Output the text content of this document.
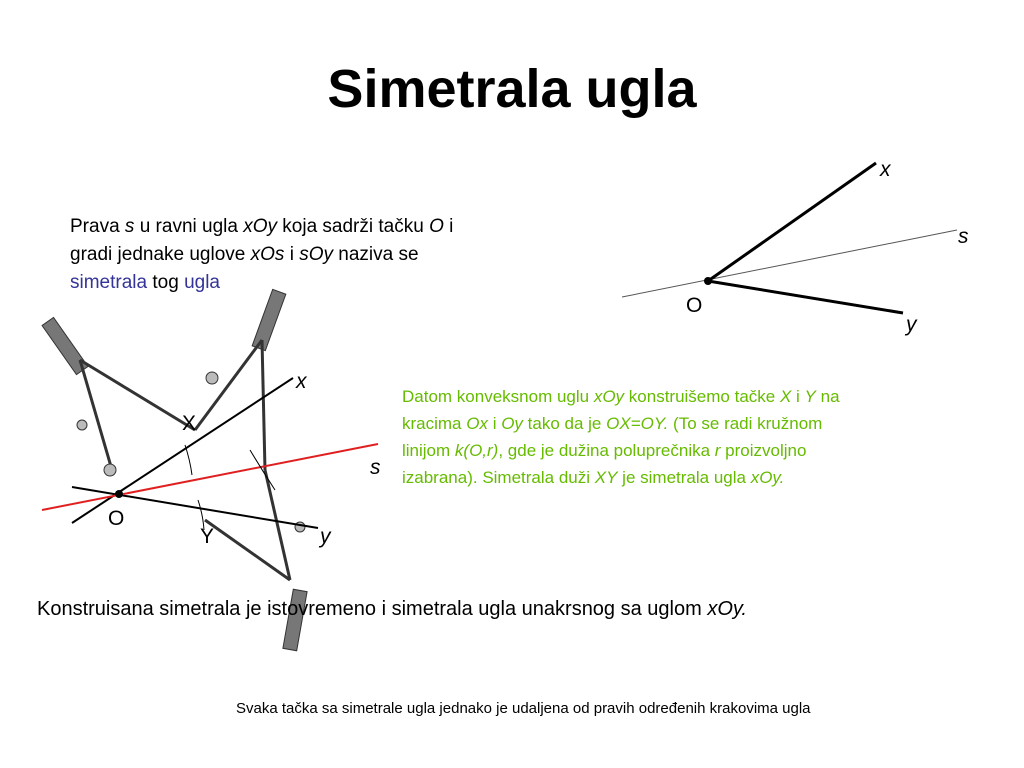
Simetrala ugla
Prava s u ravni ugla xOy koja sadrži tačku O i
gradi jednake uglove xOs i sOy naziva se
simetrala tog ugla
x
s
O
y
x
X
s
O
Y	y
Datom konveksnom uglu xOy konstruišemo tačke X i Y na
kracima Ox i Oy tako da je OX=OY. (To se radi kružnom
linijom k(O,r), gde je dužina poluprečnika r proizvoljno
izabrana). Simetrala duži XY je simetrala ugla xOy.
Konstruisana simetrala je istovremeno i simetrala ugla unakrsnog sa uglom xOy.
Svaka tačka sa simetrale ugla jednako je udaljena od pravih određenih krakovima ugla
